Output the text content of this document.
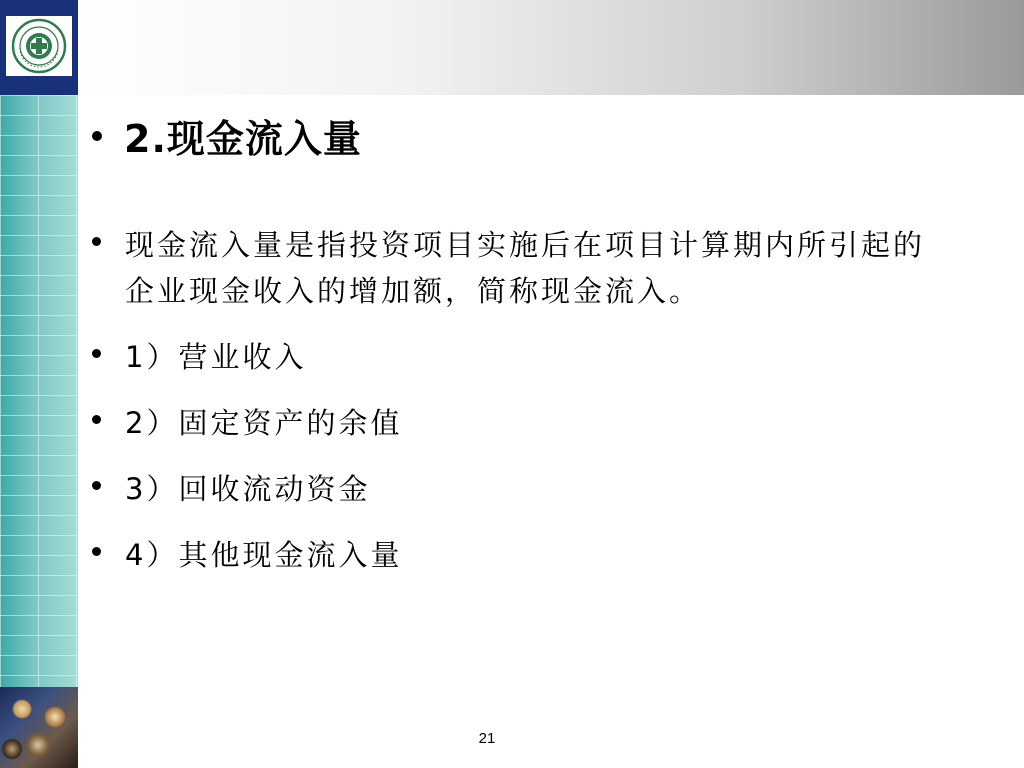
2.现金流入量
现金流入量是指投资项目实施后在项目计算期内所引起的企业现金收入的增加额，简称现金流入。
1）营业收入
2）固定资产的余值
3）回收流动资金
4）其他现金流入量
21
